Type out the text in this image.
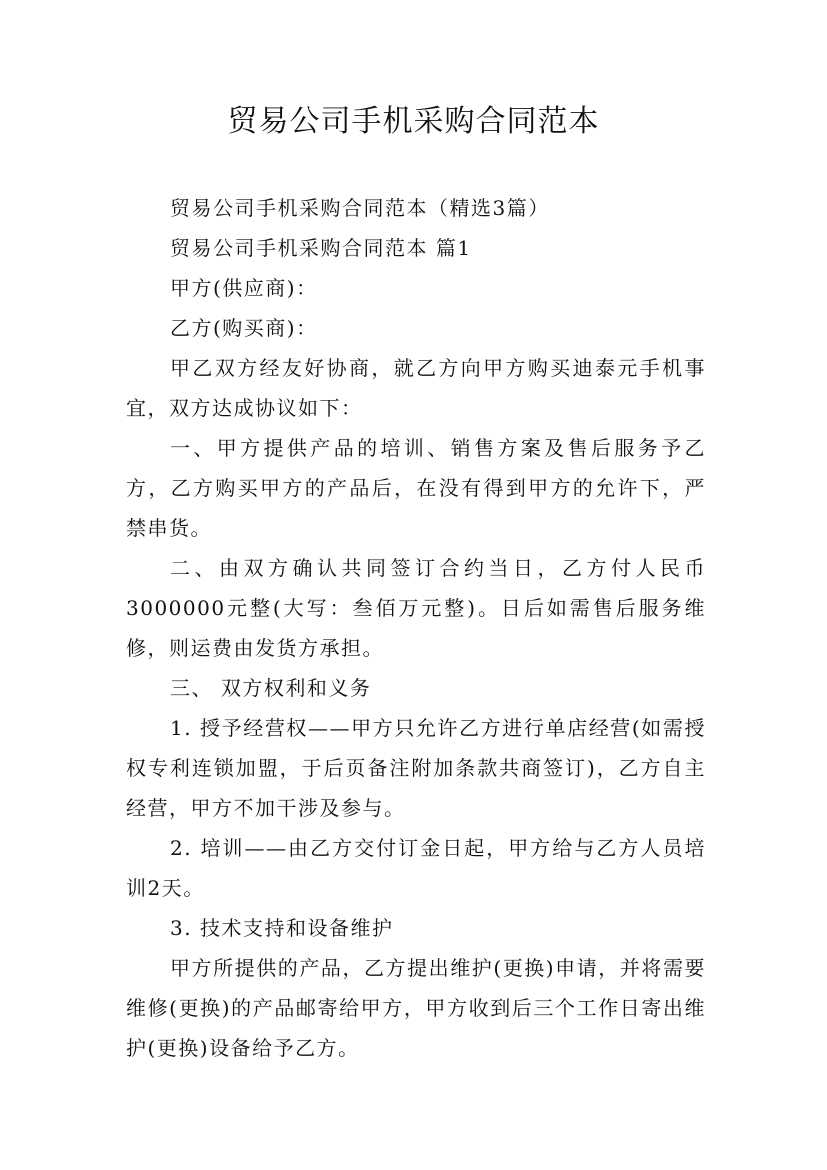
贸易公司手机采购合同范本

贸易公司手机采购合同范本（精选3篇）

贸易公司手机采购合同范本 篇1

甲方(供应商)：

乙方(购买商)：

甲乙双方经友好协商，就乙方向甲方购买迪泰元手机事宜，双方达成协议如下：

一、甲方提供产品的培训、销售方案及售后服务予乙方，乙方购买甲方的产品后，在没有得到甲方的允许下，严禁串货。

二、由双方确认共同签订合约当日，乙方付人民币3000000元整(大写：叁佰万元整)。日后如需售后服务维修，则运费由发货方承担。

三、 双方权利和义务

1. 授予经营权——甲方只允许乙方进行单店经营(如需授权专利连锁加盟，于后页备注附加条款共商签订)，乙方自主经营，甲方不加干涉及参与。

2. 培训——由乙方交付订金日起，甲方给与乙方人员培训2天。

3. 技术支持和设备维护

甲方所提供的产品，乙方提出维护(更换)申请，并将需要维修(更换)的产品邮寄给甲方，甲方收到后三个工作日寄出维护(更换)设备给予乙方。
